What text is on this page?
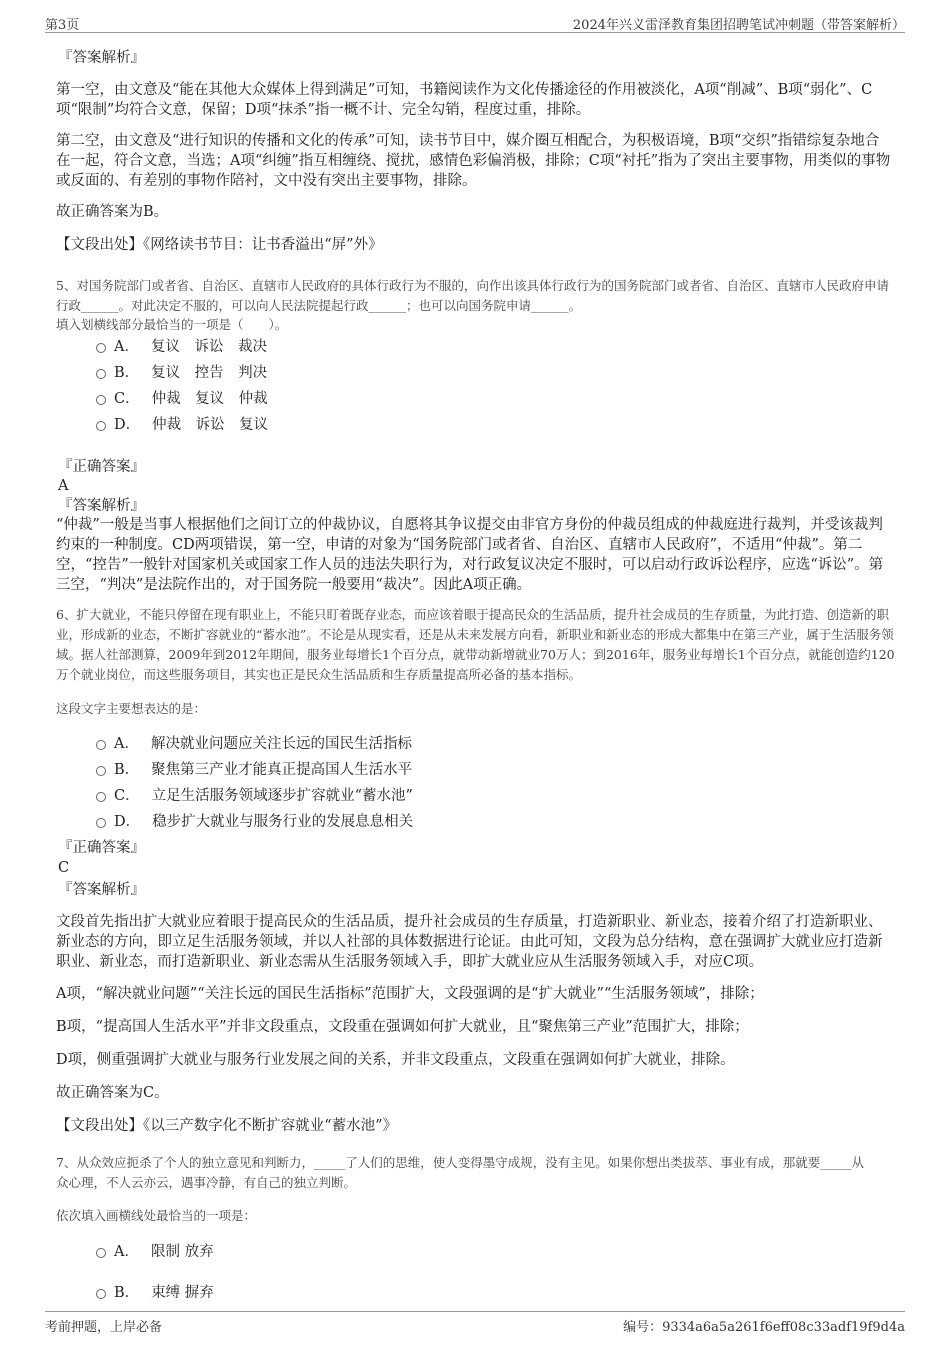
第3页	2024年兴义雷泽教育集团招聘笔试冲刺题（带答案解析）
『答案解析』
第一空，由文意及“能在其他大众媒体上得到满足”可知，书籍阅读作为文化传播途径的作用被淡化，A项“削减”、B项“弱化”、C项“限制”均符合文意，保留；D项“抹杀”指一概不计、完全勾销，程度过重，排除。
第二空，由文意及“进行知识的传播和文化的传承”可知，读书节目中，媒介圈互相配合，为积极语境，B项“交织”指错综复杂地合在一起，符合文意，当选；A项“纠缠”指互相缠绕、搅扰，感情色彩偏消极，排除；C项“衬托”指为了突出主要事物，用类似的事物或反面的、有差别的事物作陪衬，文中没有突出主要事物，排除。
故正确答案为B。
【文段出处】《网络读书节目：让书香溢出“屏”外》
5、对国务院部门或者省、自治区、直辖市人民政府的具体行政行为不服的，向作出该具体行政行为的国务院部门或者省、自治区、直辖市人民政府申请行政______。对此决定不服的，可以向人民法院提起行政______；也可以向国务院申请______。
填入划横线部分最恰当的一项是（　　）。
A． 复议　诉讼　裁决
B． 复议　控告　判决
C． 仲裁　复议　仲裁
D． 仲裁　诉讼　复议
『正确答案』
A
『答案解析』
“仲裁”一般是当事人根据他们之间订立的仲裁协议，自愿将其争议提交由非官方身份的仲裁员组成的仲裁庭进行裁判，并受该裁判约束的一种制度。CD两项错误，第一空，申请的对象为“国务院部门或者省、自治区、直辖市人民政府”，不适用“仲裁”。第二空，“控告”一般针对国家机关或国家工作人员的违法失职行为，对行政复议决定不服时，可以启动行政诉讼程序，应选“诉讼”。第三空，“判决”是法院作出的，对于国务院一般要用“裁决”。因此A项正确。
6、扩大就业，不能只停留在现有职业上，不能只盯着既存业态，而应该着眼于提高民众的生活品质，提升社会成员的生存质量，为此打造、创造新的职业，形成新的业态，不断扩容就业的“蓄水池”。不论是从现实看，还是从未来发展方向看，新职业和新业态的形成大都集中在第三产业，属于生活服务领域。据人社部测算，2009年到2012年期间，服务业每增长1个百分点，就带动新增就业70万人；到2016年，服务业每增长1个百分点，就能创造约120万个就业岗位，而这些服务项目，其实也正是民众生活品质和生存质量提高所必备的基本指标。
这段文字主要想表达的是：
A． 解决就业问题应关注长远的国民生活指标
B． 聚焦第三产业才能真正提高国人生活水平
C． 立足生活服务领域逐步扩容就业“蓄水池”
D． 稳步扩大就业与服务行业的发展息息相关
『正确答案』
C
『答案解析』
文段首先指出扩大就业应着眼于提高民众的生活品质，提升社会成员的生存质量，打造新职业、新业态，接着介绍了打造新职业、新业态的方向，即立足生活服务领域，并以人社部的具体数据进行论证。由此可知，文段为总分结构，意在强调扩大就业应打造新职业、新业态，而打造新职业、新业态需从生活服务领域入手，即扩大就业应从生活服务领域入手，对应C项。
A项，“解决就业问题”“关注长远的国民生活指标”范围扩大，文段强调的是“扩大就业”“生活服务领域”，排除；
B项，“提高国人生活水平”并非文段重点，文段重在强调如何扩大就业，且“聚焦第三产业”范围扩大，排除；
D项，侧重强调扩大就业与服务行业发展之间的关系，并非文段重点，文段重在强调如何扩大就业，排除。
故正确答案为C。
【文段出处】《以三产数字化不断扩容就业“蓄水池”》
7、从众效应扼杀了个人的独立意见和判断力，_____了人们的思维，使人变得墨守成规，没有主见。如果你想出类拔萃、事业有成，那就要_____从众心理，不人云亦云，遇事冷静，有自己的独立判断。
依次填入画横线处最恰当的一项是：
A． 限制 放弃
B． 束缚 摒弃
考前押题，上岸必备	编号：9334a6a5a261f6eff08c33adf19f9d4a
